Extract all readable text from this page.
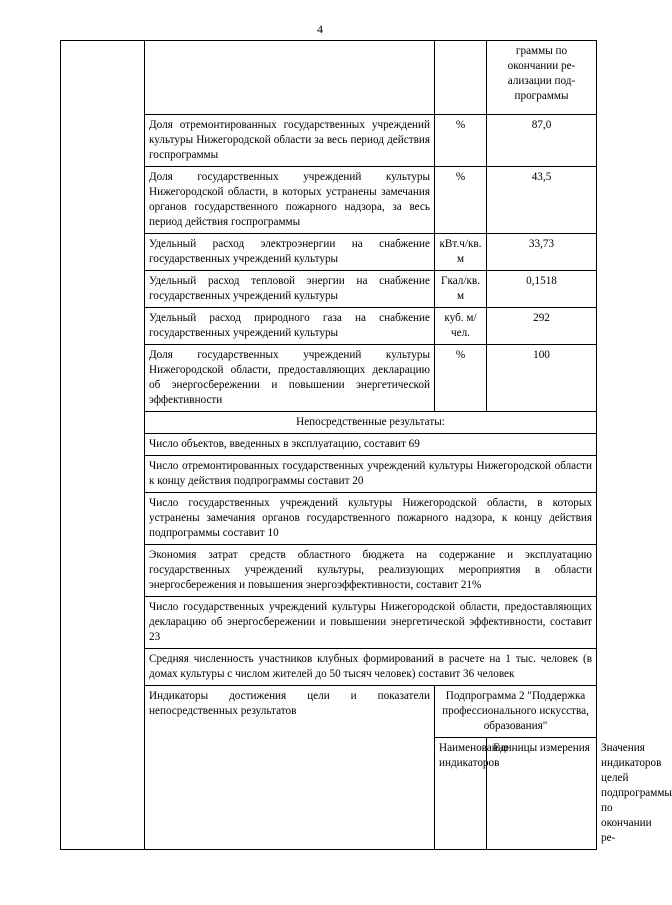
4
			граммы по окончании ре-ализации под-программы	
	Доля отремонтированных государственных учреждений культуры Нижегородской области за весь период действия госпрограммы	%	87,0	
	Доля государственных учреждений культуры Нижегородской области, в которых устранены замечания органов государственного пожарного надзора, за весь период действия госпрограммы	%	43,5	
	Удельный расход электроэнергии на снабжение государственных учреждений культуры	кВт.ч/кв. м	33,73	
	Удельный расход тепловой энергии на снабжение государственных учреждений культуры	Гкал/кв. м	0,1518	
	Удельный расход природного газа на снабжение государственных учреждений культуры	куб. м/чел.	292	
	Доля государственных учреждений культуры Нижегородской области, предоставляющих декларацию об энергосбережении и повышении энергетической эффективности	%	100	
	Непосредственные результаты:			
	Число объектов, введенных в эксплуатацию, составит 69			
	Число отремонтированных государственных учреждений культуры Нижегородской области к концу действия подпрограммы составит 20			
	Число государственных учреждений культуры Нижегородской области, в которых устранены замечания органов государственного пожарного надзора, к концу действия подпрограммы составит 10			
	Экономия затрат средств областного бюджета на содержание и эксплуатацию государственных учреждений культуры, реализующих мероприятия в области энергосбережения и повышения энергоэффективности, составит 21%			
	Число государственных учреждений культуры Нижегородской области, предоставляющих декларацию об энергосбережении и повышении энергетической эффективности, составит 23			
	Средняя численность участников клубных формирований в расчете на 1 тыс. человек (в домах культуры с числом жителей до 50 тысяч человек) составит 36 человек			
	Индикаторы достижения цели и показатели непосредственных результатов	Подпрограмма 2 "Поддержка профессионального искусства, образования"		
		Наименование индикаторов	Единицы измерения	Значения индикаторов целей подпрограммы по окончании ре-
